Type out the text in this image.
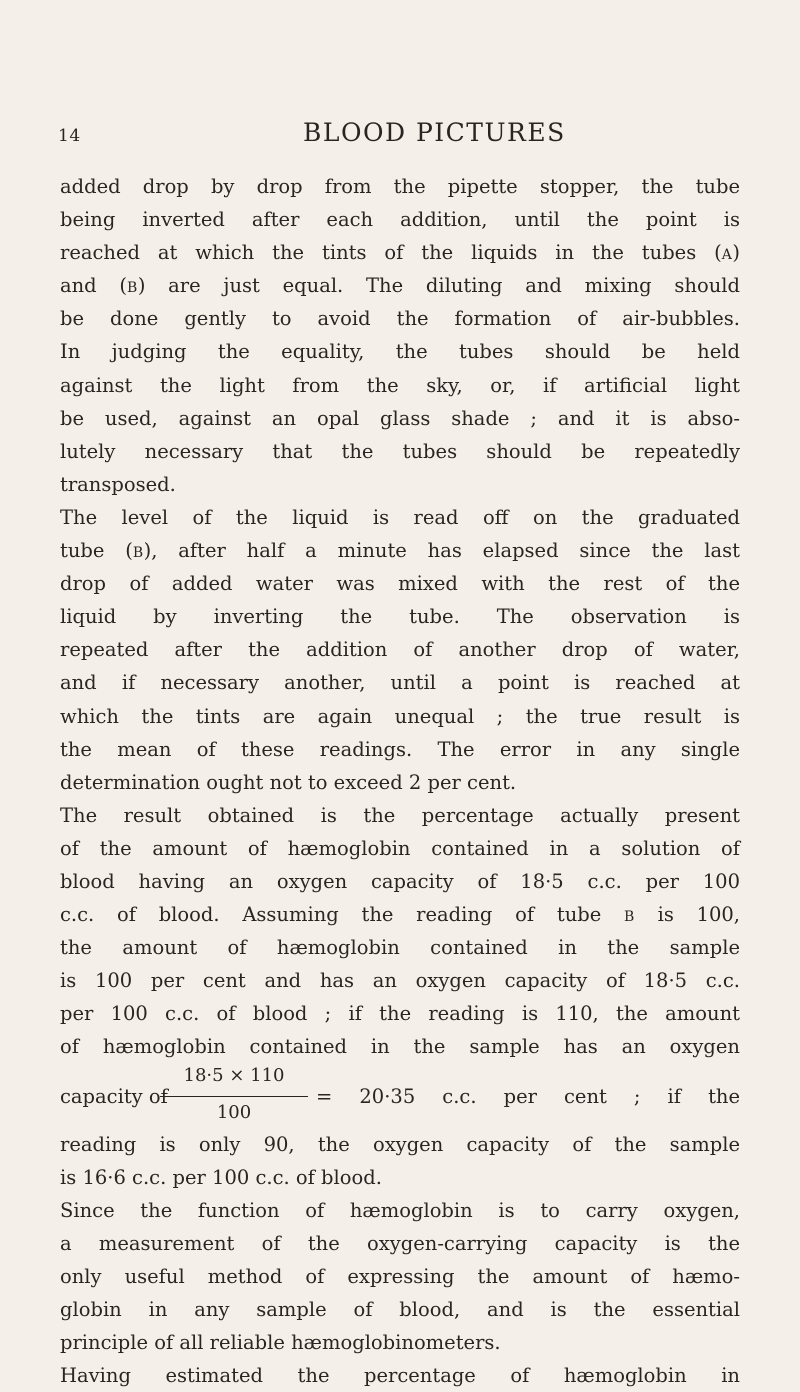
14	BLOOD PICTURES
added drop by drop from the pipette stopper, the tube
being inverted after each addition, until the point is
reached at which the tints of the liquids in the tubes (A)
and (B) are just equal. The diluting and mixing should
be done gently to avoid the formation of air-bubbles.
In judging the equality, the tubes should be held
against the light from the sky, or, if artificial light
be used, against an opal glass shade ; and it is abso-
lutely necessary that the tubes should be repeatedly
transposed.
The level of the liquid is read off on the graduated
tube (B), after half a minute has elapsed since the last
drop of added water was mixed with the rest of the
liquid by inverting the tube. The observation is
repeated after the addition of another drop of water,
and if necessary another, until a point is reached at
which the tints are again unequal ; the true result is
the mean of these readings. The error in any single
determination ought not to exceed 2 per cent.
The result obtained is the percentage actually present
of the amount of hæmoglobin contained in a solution of
blood having an oxygen capacity of 18·5 c.c. per 100
c.c. of blood. Assuming the reading of tube B is 100,
the amount of hæmoglobin contained in the sample
is 100 per cent and has an oxygen capacity of 18·5 c.c.
per 100 c.c. of blood ; if the reading is 110, the amount
of hæmoglobin contained in the sample has an oxygen
capacity of
18·5 × 110
100
= 20·35 c.c. per cent ; if the
reading is only 90, the oxygen capacity of the sample
is 16·6 c.c. per 100 c.c. of blood.
Since the function of hæmoglobin is to carry oxygen,
a measurement of the oxygen-carrying capacity is the
only useful method of expressing the amount of hæmo-
globin in any sample of blood, and is the essential
principle of all reliable hæmoglobinometers.
Having estimated the percentage of hæmoglobin in
